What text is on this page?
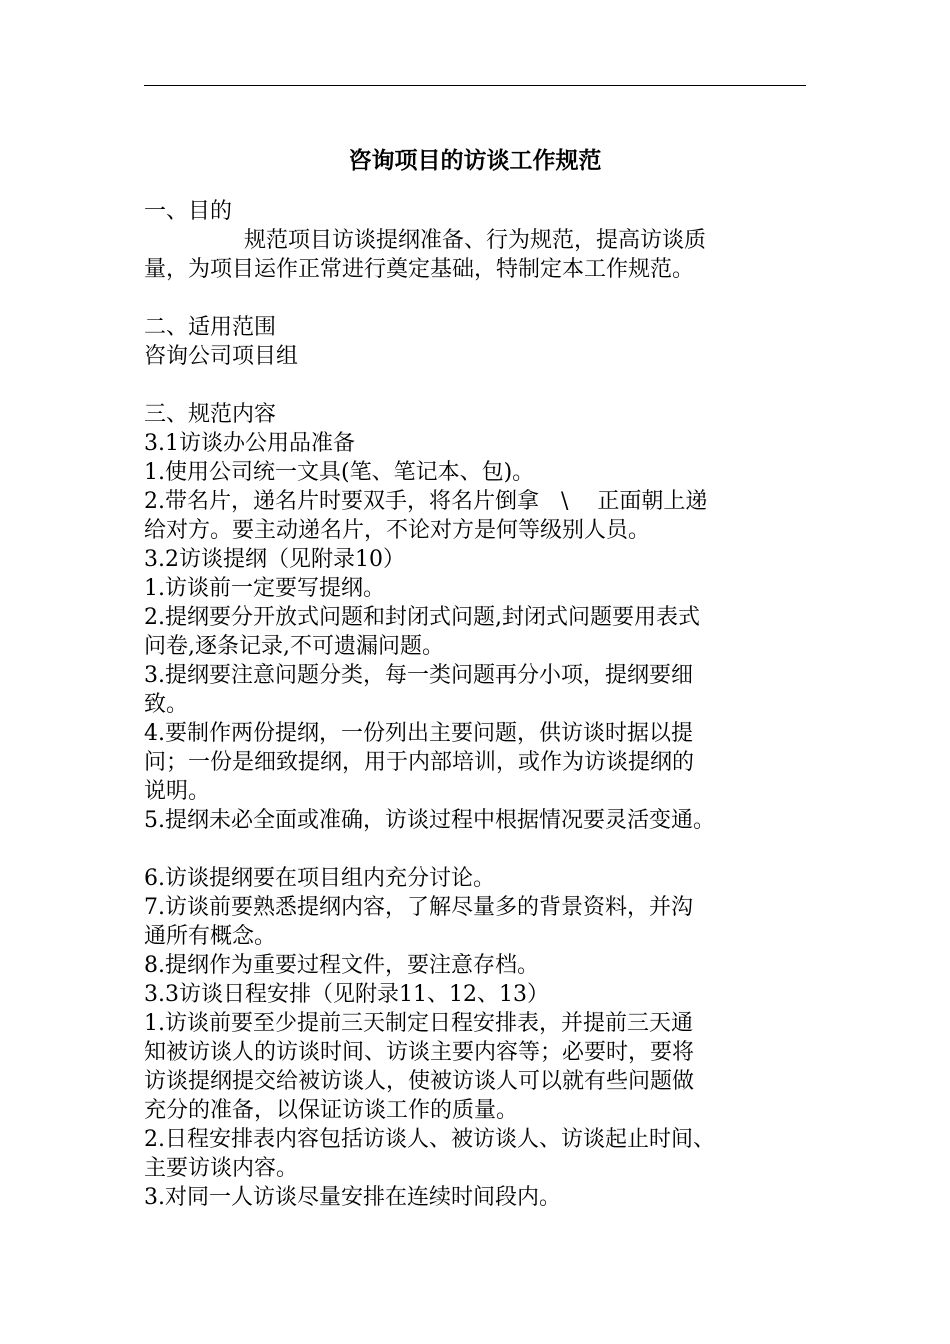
咨询项目的访谈工作规范
一、目的
规范项目访谈提纲准备、行为规范，提高访谈质
量，为项目运作正常进行奠定基础，特制定本工作规范。
二、适用范围
咨询公司项目组
三、规范内容
3.1访谈办公用品准备
1.使用公司统一文具(笔、笔记本、包)。
2.带名片，递名片时要双手，将名片倒拿　\　 正面朝上递
给对方。要主动递名片，不论对方是何等级别人员。
3.2访谈提纲（见附录10）
1.访谈前一定要写提纲。
2.提纲要分开放式问题和封闭式问题,封闭式问题要用表式
问卷,逐条记录,不可遗漏问题。
3.提纲要注意问题分类，每一类问题再分小项，提纲要细
致。
4.要制作两份提纲，一份列出主要问题，供访谈时据以提
问；一份是细致提纲，用于内部培训，或作为访谈提纲的
说明。
5.提纲未必全面或准确，访谈过程中根据情况要灵活变通。
6.访谈提纲要在项目组内充分讨论。
7.访谈前要熟悉提纲内容，了解尽量多的背景资料，并沟
通所有概念。
8.提纲作为重要过程文件，要注意存档。
3.3访谈日程安排（见附录11、12、13）
1.访谈前要至少提前三天制定日程安排表，并提前三天通
知被访谈人的访谈时间、访谈主要内容等；必要时，要将
访谈提纲提交给被访谈人，使被访谈人可以就有些问题做
充分的准备，以保证访谈工作的质量。
2.日程安排表内容包括访谈人、被访谈人、访谈起止时间、
主要访谈内容。
3.对同一人访谈尽量安排在连续时间段内。
